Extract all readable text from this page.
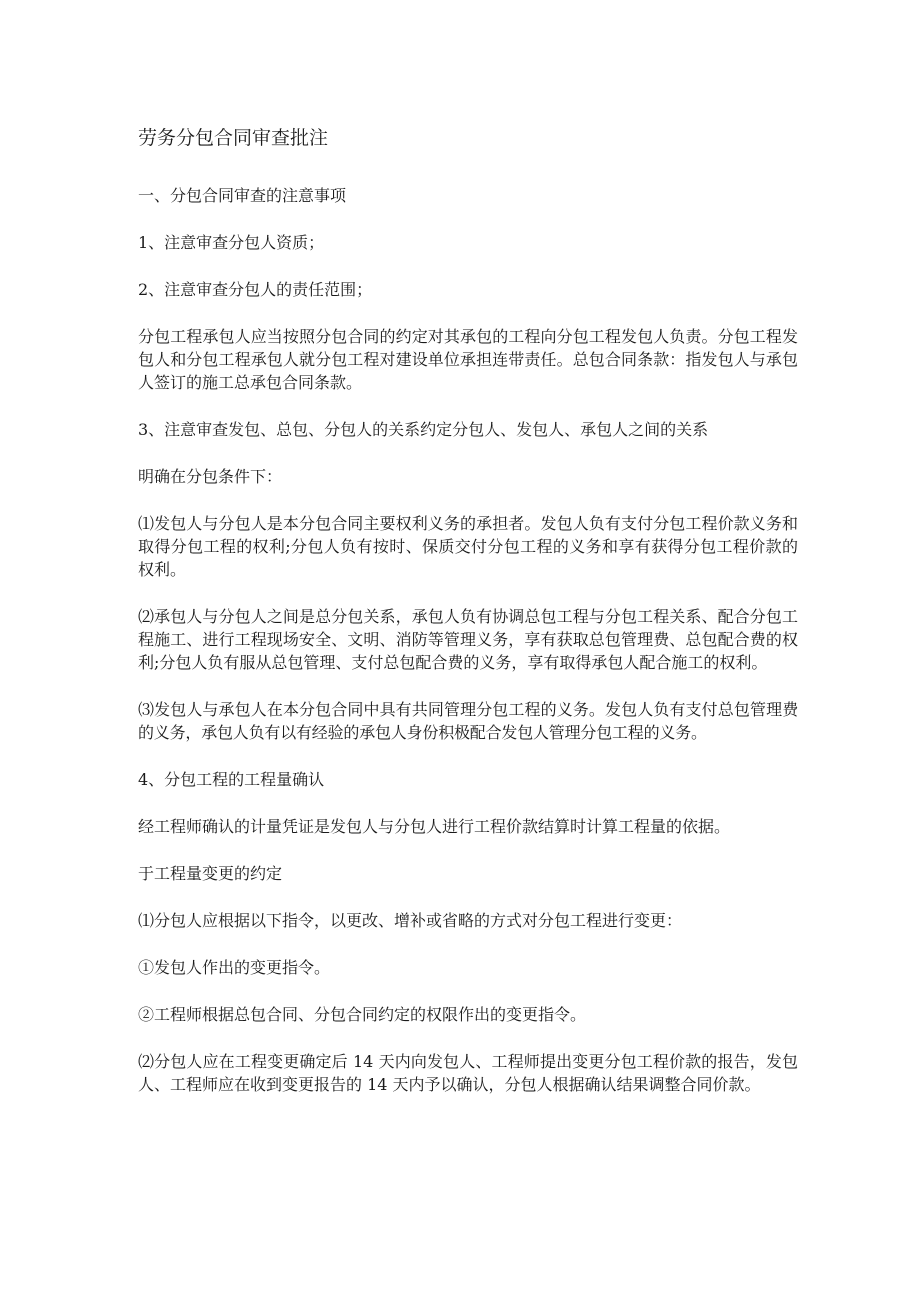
劳务分包合同审查批注

一、分包合同审查的注意事项

1、注意审查分包人资质；

2、注意审查分包人的责任范围；

分包工程承包人应当按照分包合同的约定对其承包的工程向分包工程发包人负责。分包工程发包人和分包工程承包人就分包工程对建设单位承担连带责任。总包合同条款：指发包人与承包人签订的施工总承包合同条款。

3、注意审查发包、总包、分包人的关系约定分包人、发包人、承包人之间的关系

明确在分包条件下：

⑴发包人与分包人是本分包合同主要权利义务的承担者。发包人负有支付分包工程价款义务和取得分包工程的权利;分包人负有按时、保质交付分包工程的义务和享有获得分包工程价款的权利。

⑵承包人与分包人之间是总分包关系，承包人负有协调总包工程与分包工程关系、配合分包工程施工、进行工程现场安全、文明、消防等管理义务，享有获取总包管理费、总包配合费的权利;分包人负有服从总包管理、支付总包配合费的义务，享有取得承包人配合施工的权利。

⑶发包人与承包人在本分包合同中具有共同管理分包工程的义务。发包人负有支付总包管理费的义务，承包人负有以有经验的承包人身份积极配合发包人管理分包工程的义务。

4、分包工程的工程量确认

经工程师确认的计量凭证是发包人与分包人进行工程价款结算时计算工程量的依据。

于工程量变更的约定

⑴分包人应根据以下指令，以更改、增补或省略的方式对分包工程进行变更：

①发包人作出的变更指令。

②工程师根据总包合同、分包合同约定的权限作出的变更指令。

⑵分包人应在工程变更确定后 14 天内向发包人、工程师提出变更分包工程价款的报告，发包人、工程师应在收到变更报告的 14 天内予以确认，分包人根据确认结果调整合同价款。
